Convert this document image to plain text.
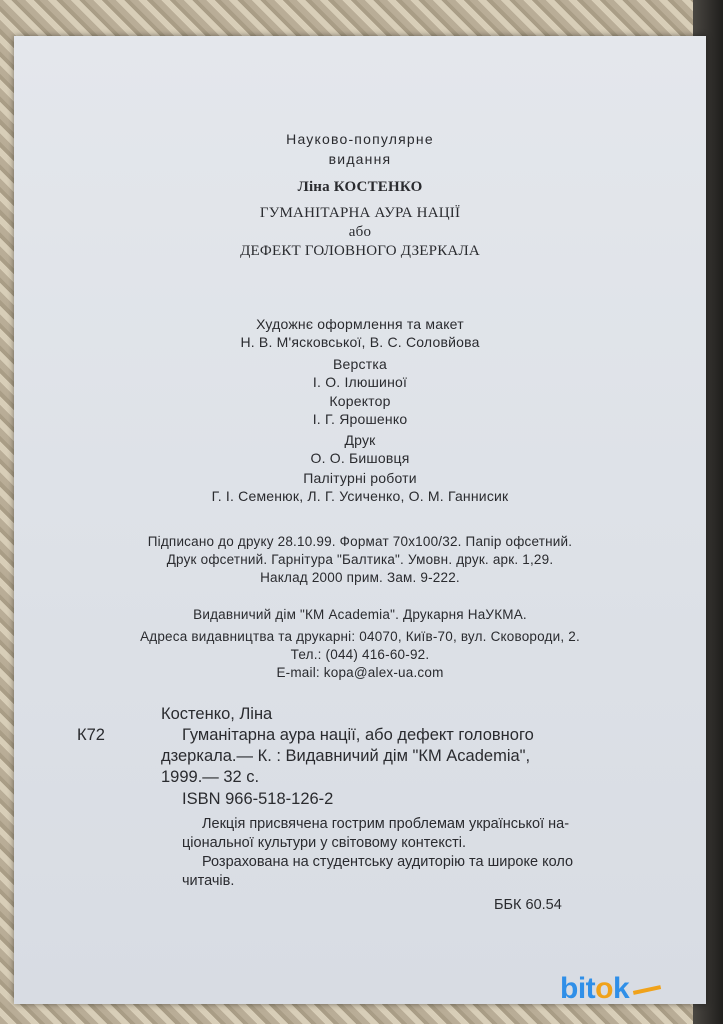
Науково-популярне
видання
Ліна КОСТЕНКО
ГУМАНІТАРНА АУРА НАЦІЇ
або
ДЕФЕКТ ГОЛОВНОГО ДЗЕРКАЛА
Художнє оформлення та макет
Н. В. М'ясковської, В. С. Соловйова
Верстка
І. О. Ілюшиної
Коректор
І. Г. Ярошенко
Друк
О. О. Бишовця
Палітурні роботи
Г. І. Семенюк, Л. Г. Усиченко, О. М. Ганнисик
Підписано до друку 28.10.99. Формат 70х100/32. Папір офсетний.
Друк офсетний. Гарнітура "Балтика". Умовн. друк. арк. 1,29.
Наклад 2000 прим. Зам. 9-222.
Видавничий дім "КМ Academia". Друкарня НаУКМА.
Адреса видавництва та друкарні: 04070, Київ-70, вул. Сковороди, 2.
Тел.: (044) 416-60-92.
E-mail: kopa@alex-ua.com
К72
Костенко, Ліна
Гуманітарна аура нації, або дефект головного
дзеркала.— К. : Видавничий дім "КМ Academia",
1999.— 32 с.
ISBN 966-518-126-2
Лекція присвячена гострим проблемам української на-
ціональної культури у світовому контексті.
Розрахована на студентську аудиторію та широке коло
читачів.
ББК 60.54
bitok
